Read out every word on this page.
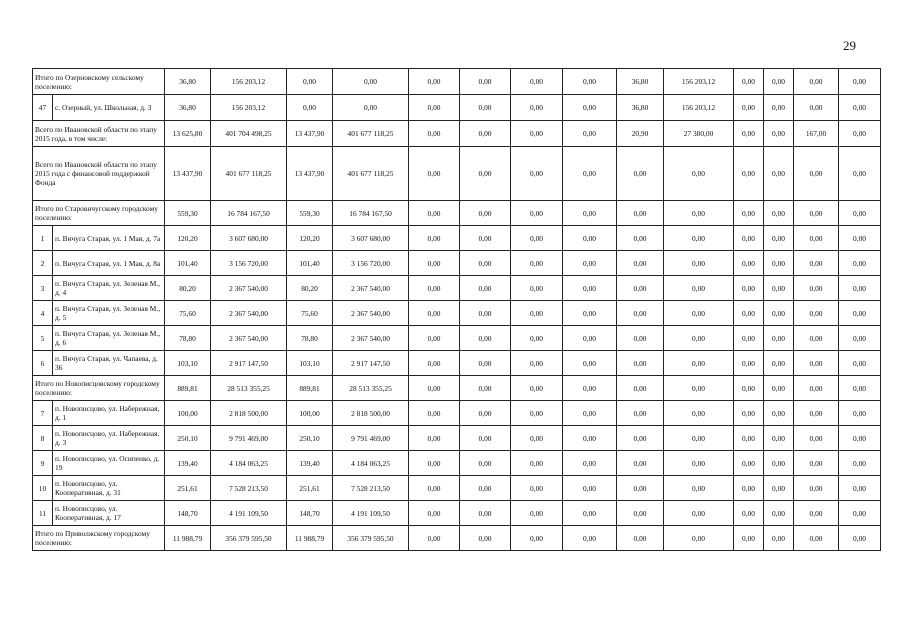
29
Итого по Озерновскому сельскому поселению:		36,80	156 203,12	0,00	0,00	0,00	0,00	0,00	0,00	36,80	156 203,12	0,00	0,00	0,00	0,00
47	с. Озерный, ул. Школьная, д. 3	36,80	156 203,12	0,00	0,00	0,00	0,00	0,00	0,00	36,80	156 203,12	0,00	0,00	0,00	0,00
Всего по Ивановской области по этапу 2015 года, в том числе:		13 625,80	401 704 498,25	13 437,90	401 677 118,25	0,00	0,00	0,00	0,00	20,90	27 380,00	0,00	0,00	167,00	0,00
Всего по Ивановской области по этапу 2015 года с финансовой поддержкой Фонда		13 437,90	401 677 118,25	13 437,90	401 677 118,25	0,00	0,00	0,00	0,00	0,00	0,00	0,00	0,00	0,00	0,00
Итого по Старовичугскому городскому поселению:		559,30	16 784 167,50	559,30	16 784 167,50	0,00	0,00	0,00	0,00	0,00	0,00	0,00	0,00	0,00	0,00
1	п. Вичуга Старая, ул. 1 Мая, д. 7а	120,20	3 607 680,00	120,20	3 607 680,00	0,00	0,00	0,00	0,00	0,00	0,00	0,00	0,00	0,00	0,00
2	п. Вичуга Старая, ул. 1 Мая, д. 8а	101,40	3 156 720,00	101,40	3 156 720,00	0,00	0,00	0,00	0,00	0,00	0,00	0,00	0,00	0,00	0,00
3	п. Вичуга Старая, ул. Зеленая М., д. 4	80,20	2 367 540,00	80,20	2 367 540,00	0,00	0,00	0,00	0,00	0,00	0,00	0,00	0,00	0,00	0,00
4	п. Вичуга Старая, ул. Зеленая М., д. 5	75,60	2 367 540,00	75,60	2 367 540,00	0,00	0,00	0,00	0,00	0,00	0,00	0,00	0,00	0,00	0,00
5	п. Вичуга Старая, ул. Зеленая М., д. 6	78,80	2 367 540,00	78,80	2 367 540,00	0,00	0,00	0,00	0,00	0,00	0,00	0,00	0,00	0,00	0,00
6	п. Вичуга Старая, ул. Чапаева, д. 36	103,10	2 917 147,50	103,10	2 917 147,50	0,00	0,00	0,00	0,00	0,00	0,00	0,00	0,00	0,00	0,00
Итого по Новописцовскому городскому поселению:		889,81	28 513 355,25	889,81	28 513 355,25	0,00	0,00	0,00	0,00	0,00	0,00	0,00	0,00	0,00	0,00
7	п. Новописцово, ул. Набережная, д. 1	100,00	2 818 500,00	100,00	2 818 500,00	0,00	0,00	0,00	0,00	0,00	0,00	0,00	0,00	0,00	0,00
8	п. Новописцово, ул. Набережная, д. 3	250,10	9 791 469,00	250,10	9 791 469,00	0,00	0,00	0,00	0,00	0,00	0,00	0,00	0,00	0,00	0,00
9	п. Новописцово, ул. Осипенко, д. 19	139,40	4 184 063,25	139,40	4 184 063,25	0,00	0,00	0,00	0,00	0,00	0,00	0,00	0,00	0,00	0,00
10	п. Новописцово, ул. Кооперативная, д. 31	251,61	7 528 213,50	251,61	7 528 213,50	0,00	0,00	0,00	0,00	0,00	0,00	0,00	0,00	0,00	0,00
11	п. Новописцово, ул. Кооперативная, д. 17	148,70	4 191 109,50	148,70	4 191 109,50	0,00	0,00	0,00	0,00	0,00	0,00	0,00	0,00	0,00	0,00
Итого по Приволжскому городскому поселению:		11 988,79	356 379 595,50	11 988,79	356 379 595,50	0,00	0,00	0,00	0,00	0,00	0,00	0,00	0,00	0,00	0,00
